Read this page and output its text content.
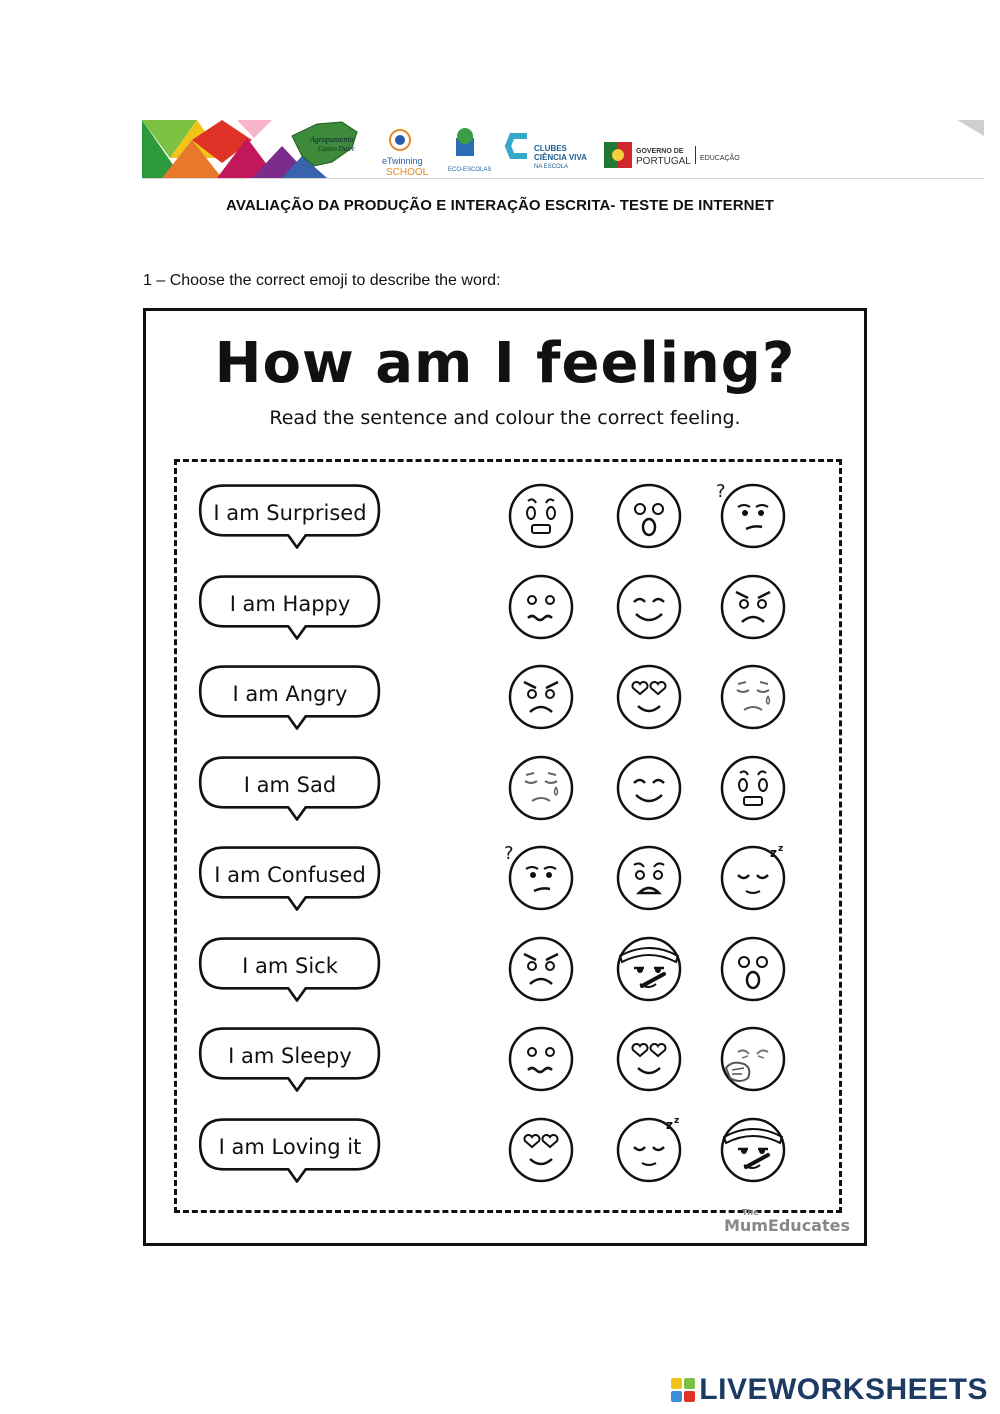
Agrupamento
Castro Daire
eTwinning
SCHOOL	ECO-ESCOLAS
CLUBES
CIÊNCIA VIVA
NA ESCOLA
GOVERNO DE
PORTUGAL EDUCAÇÃO
AVALIAÇÃO DA PRODUÇÃO E INTERAÇÃO ESCRITA- TESTE DE INTERNET
1 – Choose the correct emoji to describe the word:
How am I feeling?
Read the sentence and colour the correct feeling.
I am Surprised
?
I am Happy
I am Angry
I am Sad
I am Confused
?	z z
I am Sick
I am Sleepy
I am Loving it
z z
The
MumEducates
LIVEWORKSHEETS
